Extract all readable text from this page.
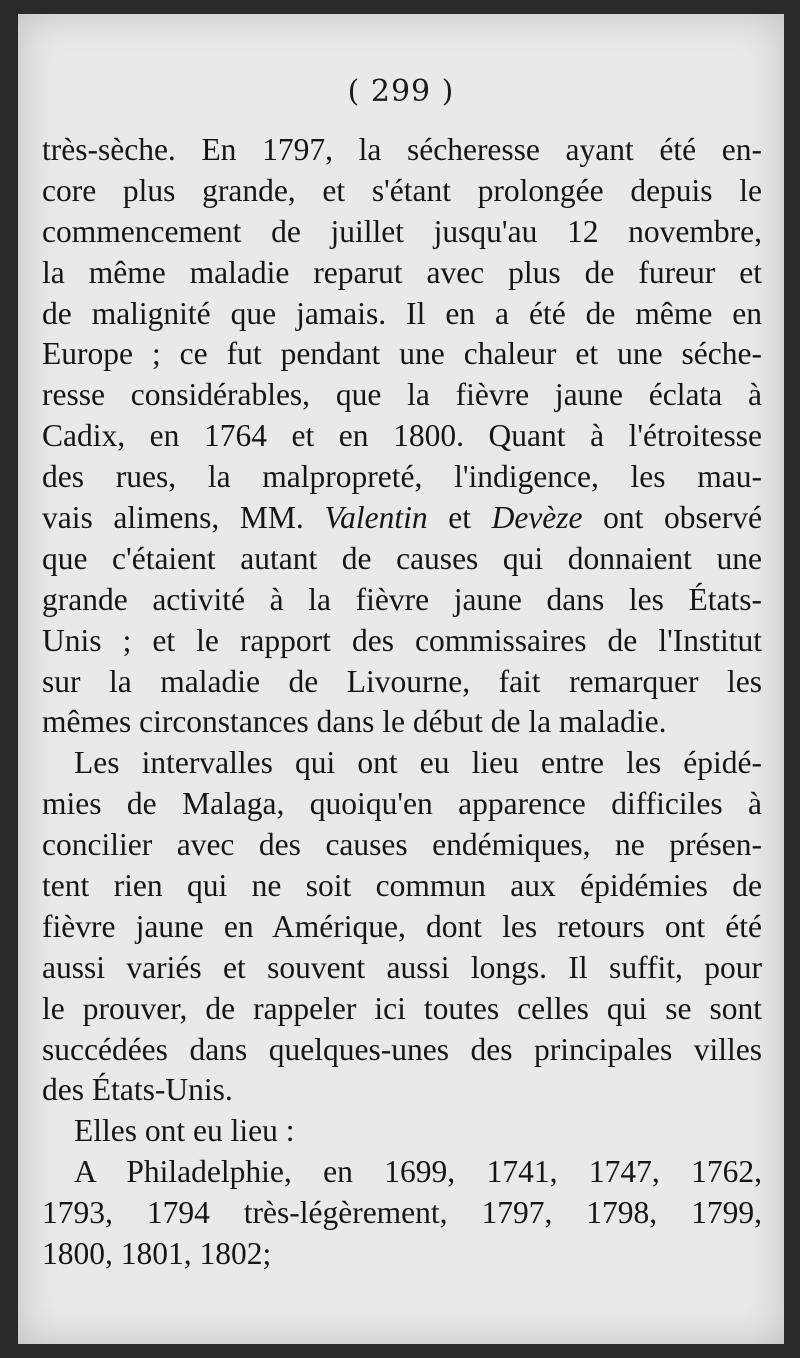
( 299 )
très-sèche. En 1797, la sécheresse ayant été en-
core plus grande, et s'étant prolongée depuis le
commencement de juillet jusqu'au 12 novembre,
la même maladie reparut avec plus de fureur et
de malignité que jamais. Il en a été de même en
Europe ; ce fut pendant une chaleur et une séche-
resse considérables, que la fièvre jaune éclata à
Cadix, en 1764 et en 1800. Quant à l'étroitesse
des rues, la malpropreté, l'indigence, les mau-
vais alimens, MM. Valentin et Devèze ont observé
que c'étaient autant de causes qui donnaient une
grande activité à la fièvre jaune dans les États-
Unis ; et le rapport des commissaires de l'Institut
sur la maladie de Livourne, fait remarquer les
mêmes circonstances dans le début de la maladie.
Les intervalles qui ont eu lieu entre les épidé-
mies de Malaga, quoiqu'en apparence difficiles à
concilier avec des causes endémiques, ne présen-
tent rien qui ne soit commun aux épidémies de
fièvre jaune en Amérique, dont les retours ont été
aussi variés et souvent aussi longs. Il suffit, pour
le prouver, de rappeler ici toutes celles qui se sont
succédées dans quelques-unes des principales villes
des États-Unis.
Elles ont eu lieu :
A Philadelphie, en 1699, 1741, 1747, 1762,
1793, 1794 très-légèrement, 1797, 1798, 1799,
1800, 1801, 1802;
